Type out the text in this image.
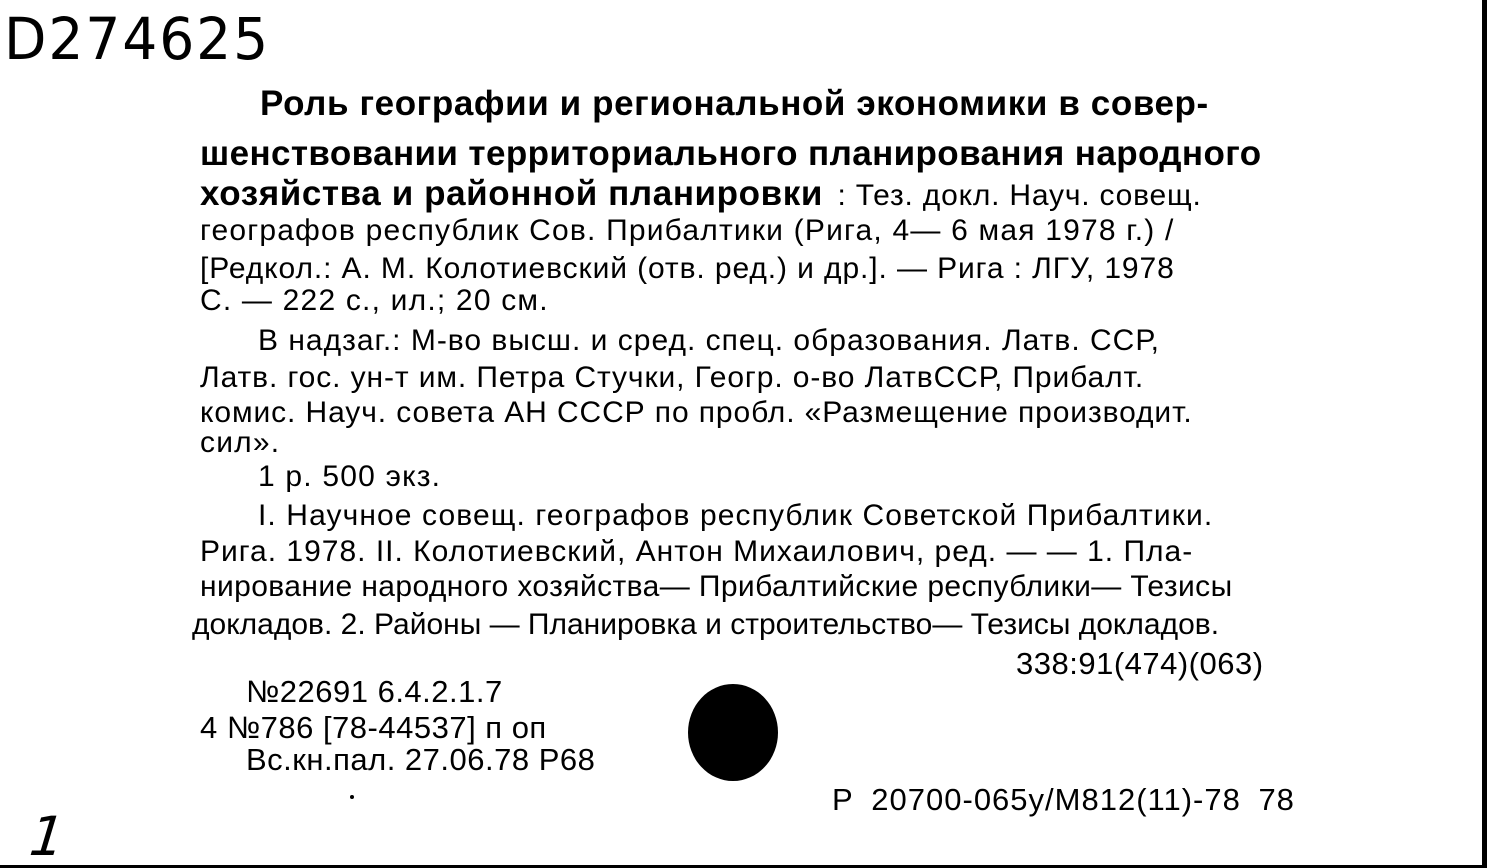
D274625
Роль географии и региональной экономики в совер-
шенствовании территориального планирования народного
хозяйства и районной планировки : Тез. докл. Науч. совещ.
географов республик Сов. Прибалтики (Рига, 4— 6 мая 1978 г.) /
[Редкол.: А. М. Колотиевский (отв. ред.) и др.]. — Рига : ЛГУ, 1978
С. — 222 с., ил.; 20 см.
В надзаг.: М-во высш. и сред. спец. образования. Латв. ССР,
Латв. гос. ун-т им. Петра Стучки, Геогр. о-во ЛатвССР, Прибалт.
комис. Науч. совета АН СССР по пробл. «Размещение производит.
сил».
1 р. 500 экз.
I. Научное совещ. географов республик Советской Прибалтики.
Рига. 1978. II. Колотиевский, Антон Михаилович, ред. — — 1. Пла-
нирование народного хозяйства— Прибалтийские республики— Тезисы
докладов. 2. Районы — Планировка и строительство— Тезисы докладов.
338:91(474)(063)
№22691 6.4.2.1.7
4 №786 [78-44537] п оп
Вс.кн.пал. 27.06.78 Р68
Р 20700-065у/М812(11)-78 78
1
